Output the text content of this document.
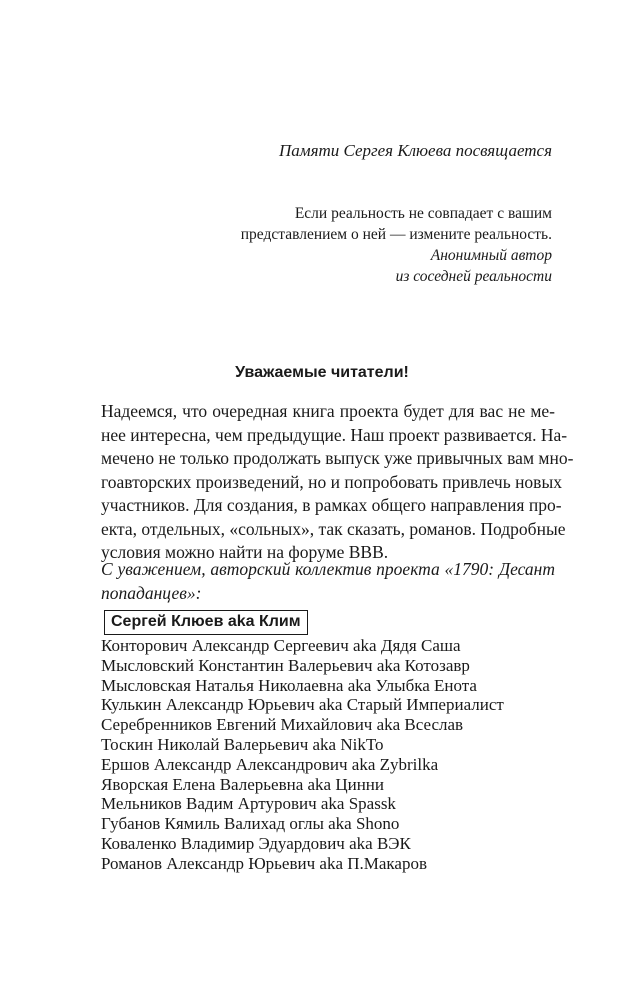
Памяти Сергея Клюева посвящается
Если реальность не совпадает с вашим
представлением о ней — измените реальность.
Анонимный автор
из соседней реальности
Уважаемые читатели!
Надеемся, что очередная книга проекта будет для вас не ме-
нее интересна, чем предыдущие. Наш проект развивается. На-
мечено не только продолжать выпуск уже привычных вам мно-
гоавторских произведений, но и попробовать привлечь новых
участников. Для создания, в рамках общего направления про-
екта, отдельных, «сольных», так сказать, романов. Подробные
условия можно найти на форуме ВВВ.
С уважением, авторский коллектив проекта «1790: Десант
попаданцев»:
Сергей Клюев aka Клим
Конторович Александр Сергеевич aka Дядя Саша
Мысловский Константин Валерьевич aka Котозавр
Мысловская Наталья Николаевна aka Улыбка Енота
Кулькин Александр Юрьевич aka Старый Империалист
Серебренников Евгений Михайлович aka Всеслав
Тоскин Николай Валерьевич aka NikTo
Ершов Александр Александрович aka Zybrilka
Яворская Елена Валерьевна aka Цинни
Мельников Вадим Артурович aka Spassk
Губанов Кямиль Валихад оглы aka Shono
Коваленко Владимир Эдуардович aka ВЭК
Романов Александр Юрьевич aka П.Макаров
